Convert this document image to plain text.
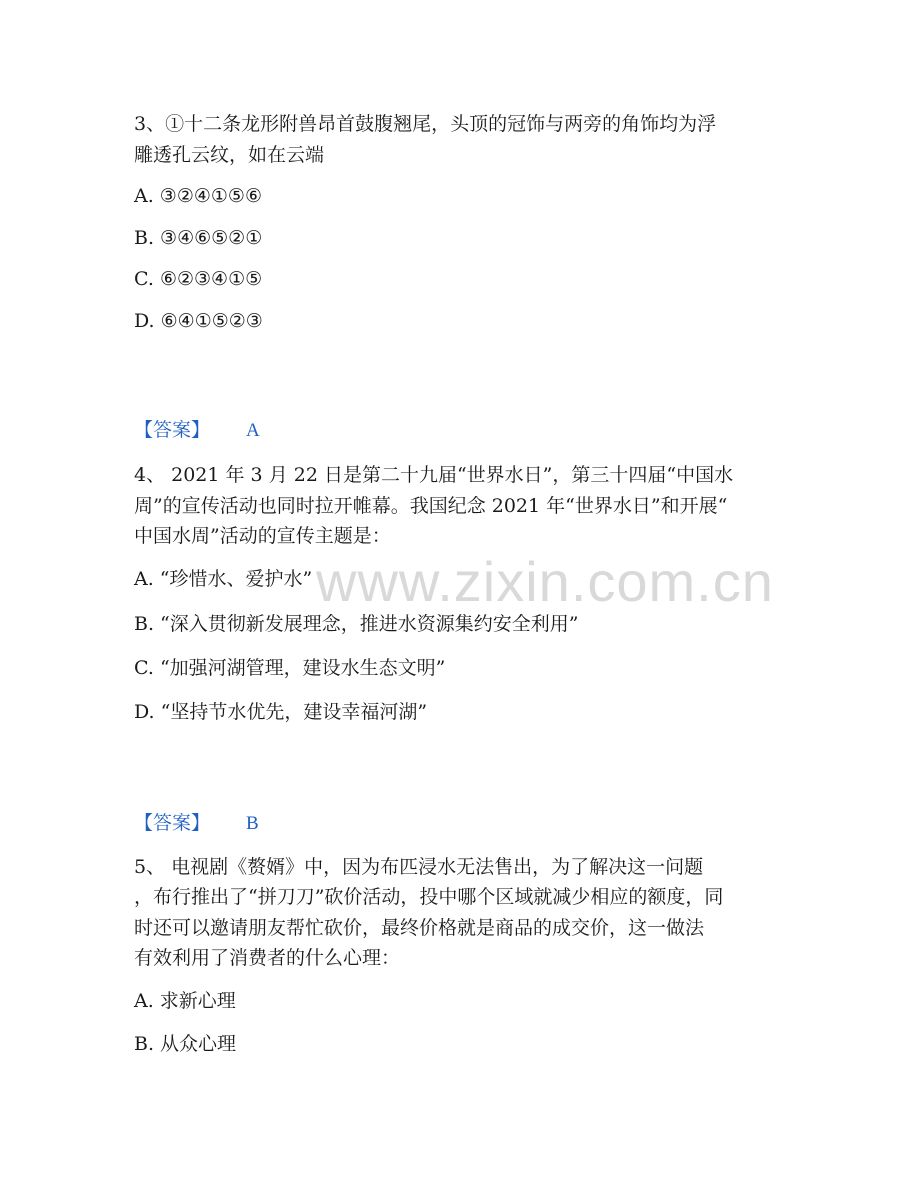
www.zixin.com.cn
3、①十二条龙形附兽昂首鼓腹翘尾，头顶的冠饰与两旁的角饰均为浮
雕透孔云纹，如在云端
A. ③②④①⑤⑥
B. ③④⑥⑤②①
C. ⑥②③④①⑤
D. ⑥④①⑤②③
【答案】 A
4、 2021 年 3 月 22 日是第二十九届“世界水日”，第三十四届“中国水
周”的宣传活动也同时拉开帷幕。我国纪念 2021 年“世界水日”和开展“
中国水周”活动的宣传主题是：
A. “珍惜水、爱护水”
B. “深入贯彻新发展理念，推进水资源集约安全利用”
C. “加强河湖管理，建设水生态文明”
D. “坚持节水优先，建设幸福河湖”
【答案】 B
5、 电视剧《赘婿》中，因为布匹浸水无法售出，为了解决这一问题
，布行推出了“拼刀刀”砍价活动，投中哪个区域就减少相应的额度，同
时还可以邀请朋友帮忙砍价，最终价格就是商品的成交价，这一做法
有效利用了消费者的什么心理：
A. 求新心理
B. 从众心理
